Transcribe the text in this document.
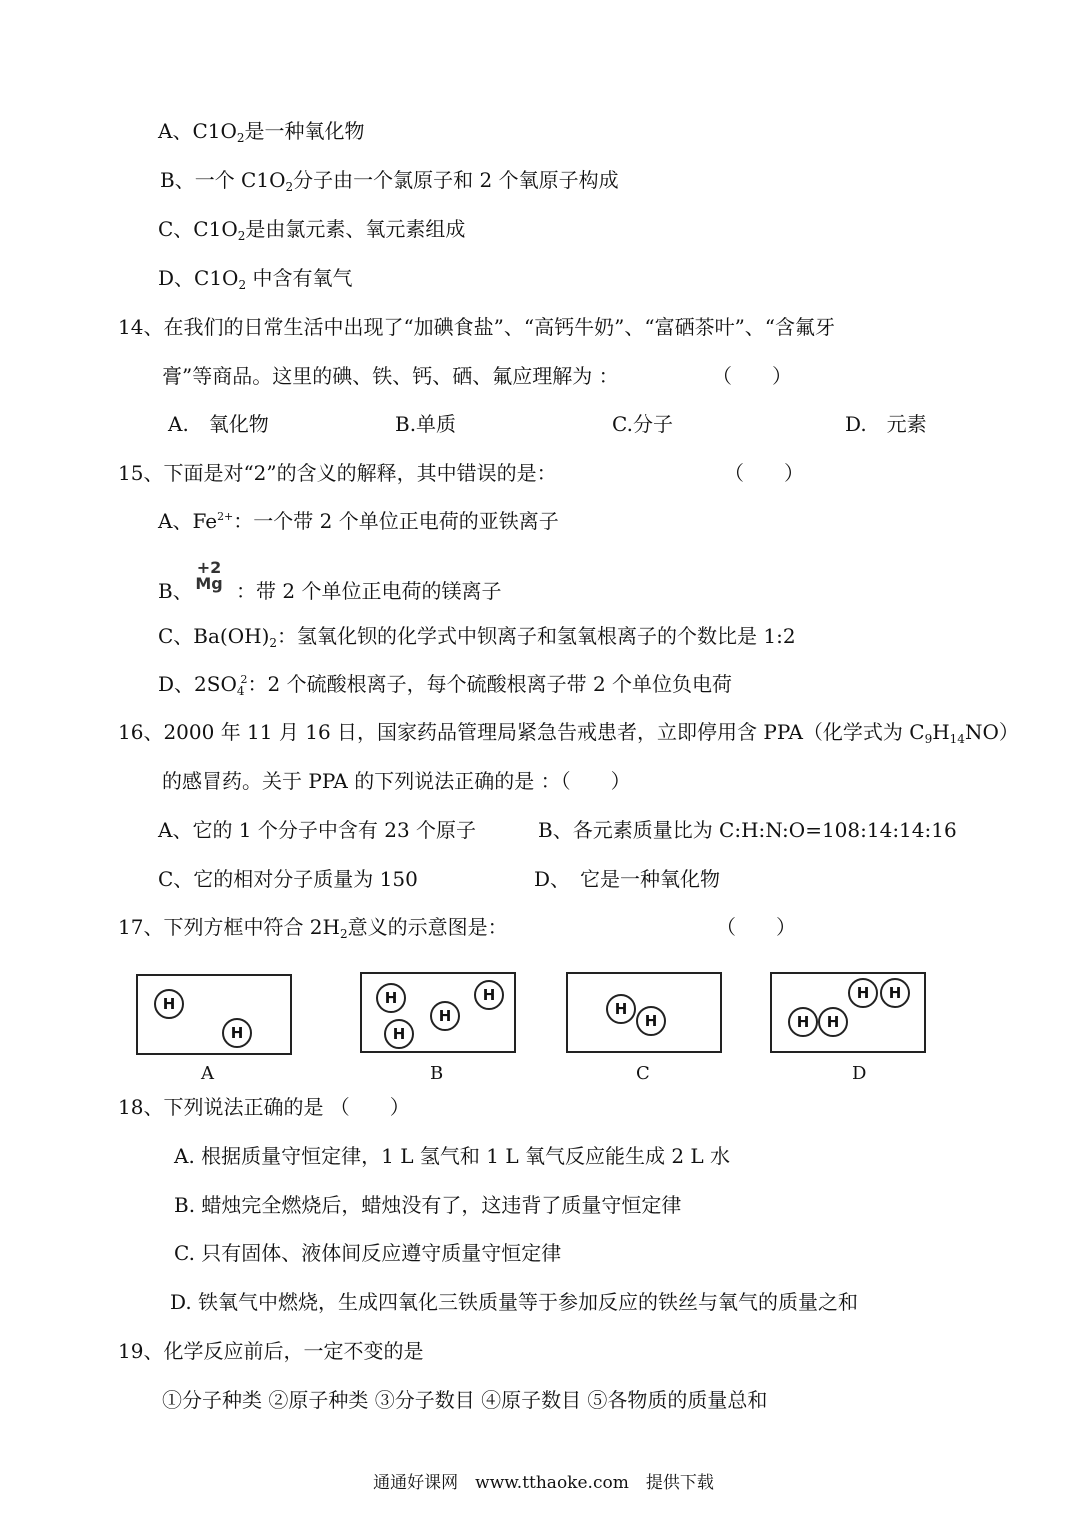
A、$C1O_2$是一种氧化物
B、一个 $C1O_2$分子由一个氯原子和 2 个氧原子构成
C、$C1O_2$是由氯元素、氧元素组成
D、$C1O_2$ 中含有氧气
14、在我们的日常生活中出现了“加碘食盐”、“高钙牛奶”、“富硒茶叶”、“含氟牙
膏”等商品。这里的碘、铁、钙、硒、氟应理解为 ：	（　　）
A.　氧化物	B.单质	C.分子	D.　元素
15、下面是对“2”的含义的解释，其中错误的是：	（　　）
A、$Fe^{2+}$：一个带 2 个单位正电荷的亚铁离子
B、
+2
Mg ：带 2 个单位正电荷的镁离子
C、$Ba(OH)_2$：氢氧化钡的化学式中钡离子和氢氧根离子的个数比是 1:2
D、$2SO_4^2$：2 个硫酸根离子，每个硫酸根离子带 2 个单位负电荷
16、2000 年 11 月 16 日，国家药品管理局紧急告戒患者，立即停用含 PPA（化学式为 $C_9H_{14}NO$）
的感冒药。关于 PPA 的下列说法正确的是 ：（　　）
A、它的 1 个分子中含有 23 个原子	B、各元素质量比为 C:H:N:O=108:14:14:16
C、它的相对分子质量为 150	D、　它是一种氧化物
17、下列方框中符合 $2H_2$意义的示意图是：	（　　）
H
H
A
H	H
H
H
B
H
H
C
H	H
H	H
D
18、下列说法正确的是 （　　）
A. 根据质量守恒定律，1 L 氢气和 1 L 氧气反应能生成 2 L 水
B. 蜡烛完全燃烧后，蜡烛没有了，这违背了质量守恒定律
C. 只有固体、液体间反应遵守质量守恒定律
D. 铁氧气中燃烧，生成四氧化三铁质量等于参加反应的铁丝与氧气的质量之和
19、化学反应前后，一定不变的是
①分子种类 ②原子种类 ③分子数目 ④原子数目 ⑤各物质的质量总和
通通好课网　www.tthaoke.com　提供下载
